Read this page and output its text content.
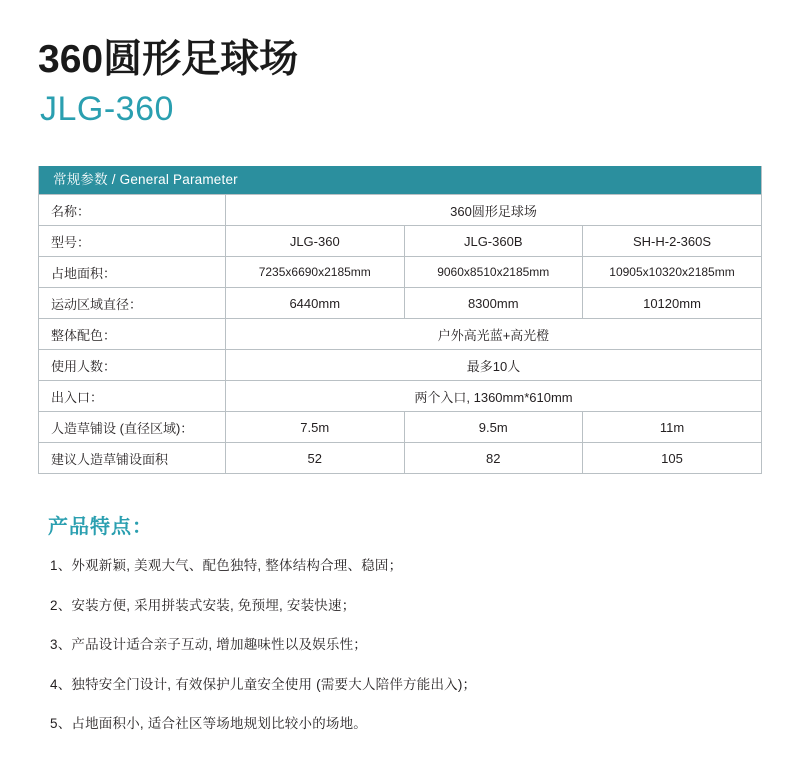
360圆形足球场
JLG-360
常规参数 / General Parameter
名称：	360圆形足球场		
型号：	JLG-360	JLG-360B	SH-H-2-360S
占地面积：	7235x6690x2185mm	9060x8510x2185mm	10905x10320x2185mm
运动区域直径：	6440mm	8300mm	10120mm
整体配色：	户外高光蓝+高光橙		
使用人数：	最多10人		
出入口：	两个入口, 1360mm*610mm		
人造草铺设 (直径区域)：	7.5m	9.5m	11m
建议人造草铺设面积	52	82	105
产品特点：

1、外观新颖, 美观大气、配色独特, 整体结构合理、稳固；

2、安装方便, 采用拼装式安装, 免预埋, 安装快速；

3、产品设计适合亲子互动, 增加趣味性以及娱乐性；

4、独特安全门设计, 有效保护儿童安全使用 (需要大人陪伴方能出入)；

5、占地面积小, 适合社区等场地规划比较小的场地。
